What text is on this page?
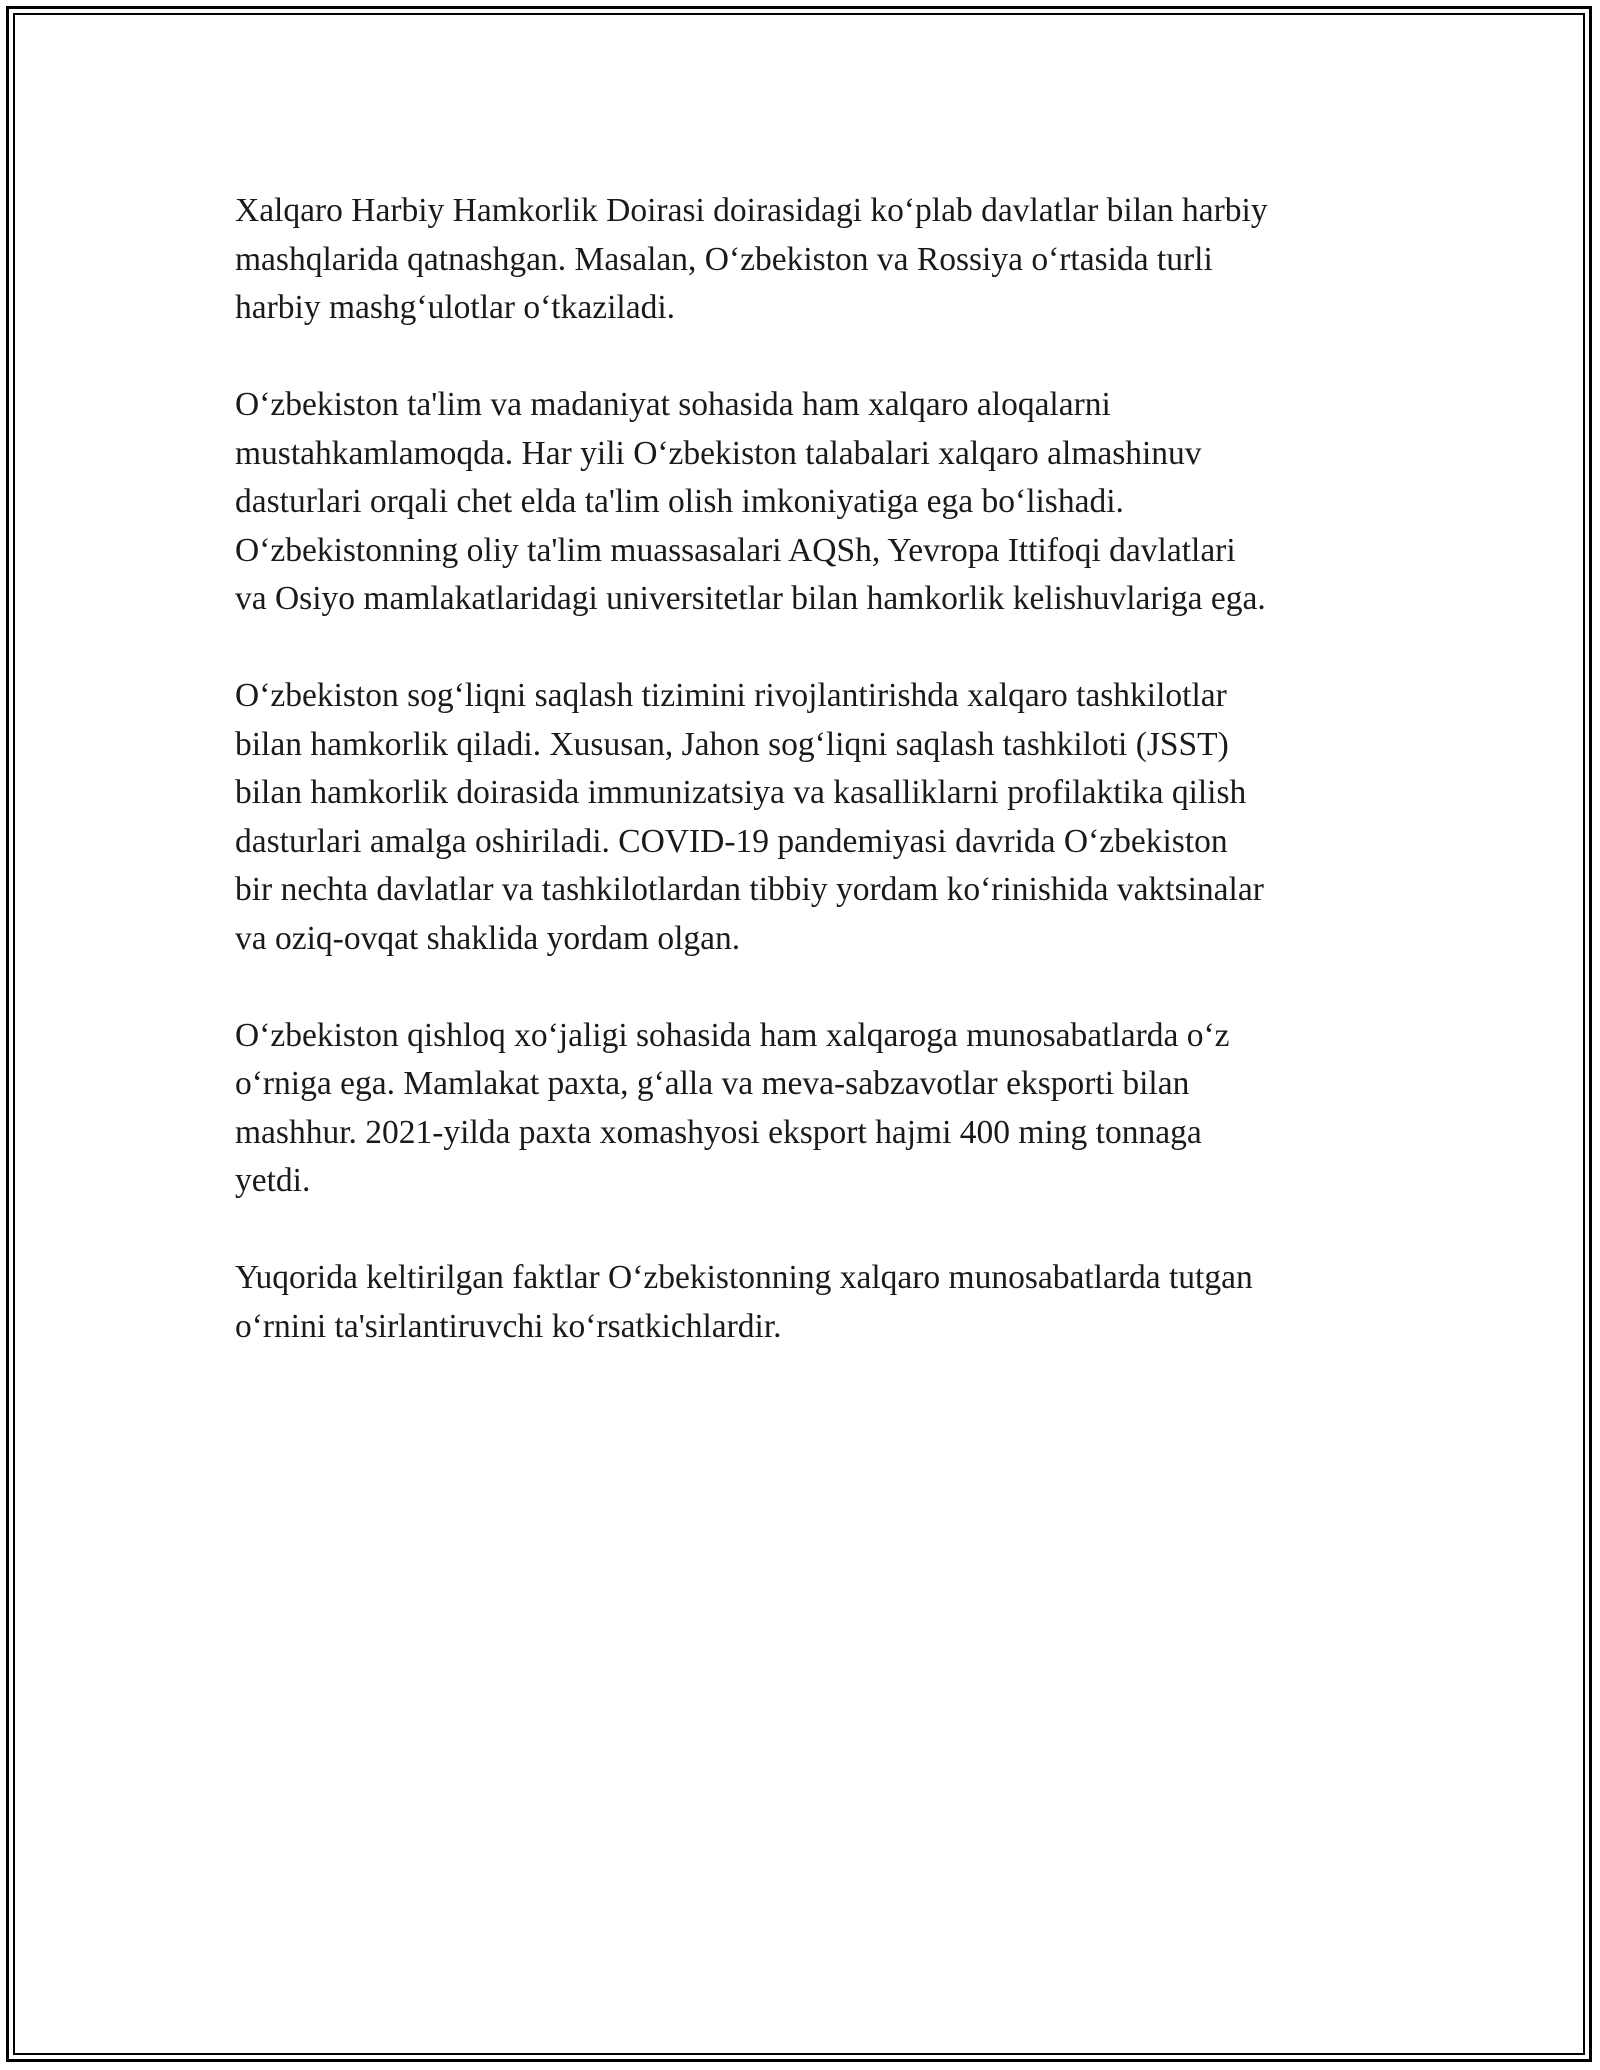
Xalqaro Harbiy Hamkorlik Doirasi doirasidagi koʻplab davlatlar bilan harbiy
mashqlarida qatnashgan. Masalan, Oʻzbekiston va Rossiya oʻrtasida turli
harbiy mashgʻulotlar oʻtkaziladi.

Oʻzbekiston ta'lim va madaniyat sohasida ham xalqaro aloqalarni
mustahkamlamoqda. Har yili Oʻzbekiston talabalari xalqaro almashinuv
dasturlari orqali chet elda ta'lim olish imkoniyatiga ega boʻlishadi.
Oʻzbekistonning oliy ta'lim muassasalari AQSh, Yevropa Ittifoqi davlatlari
va Osiyo mamlakatlaridagi universitetlar bilan hamkorlik kelishuvlariga ega.

Oʻzbekiston sogʻliqni saqlash tizimini rivojlantirishda xalqaro tashkilotlar
bilan hamkorlik qiladi. Xususan, Jahon sogʻliqni saqlash tashkiloti (JSST)
bilan hamkorlik doirasida immunizatsiya va kasalliklarni profilaktika qilish
dasturlari amalga oshiriladi. COVID-19 pandemiyasi davrida Oʻzbekiston
bir nechta davlatlar va tashkilotlardan tibbiy yordam koʻrinishida vaktsinalar
va oziq-ovqat shaklida yordam olgan.

Oʻzbekiston qishloq xoʻjaligi sohasida ham xalqaroga munosabatlarda oʻz
oʻrniga ega. Mamlakat paxta, gʻalla va meva-sabzavotlar eksporti bilan
mashhur. 2021-yilda paxta xomashyosi eksport hajmi 400 ming tonnaga
yetdi.

Yuqorida keltirilgan faktlar Oʻzbekistonning xalqaro munosabatlarda tutgan
oʻrnini ta'sirlantiruvchi koʻrsatkichlardir.
